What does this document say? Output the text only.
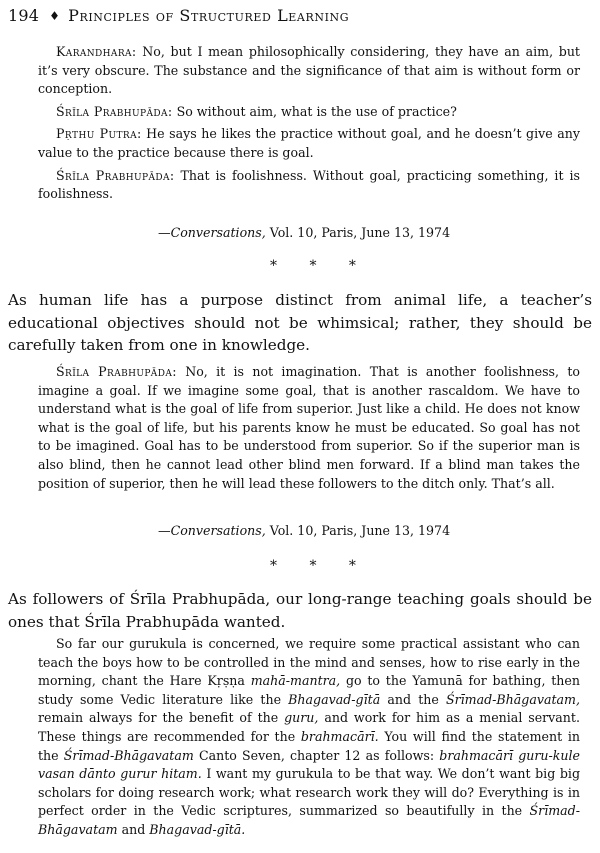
194 ♦ Principles of Structured Learning

Karandhara: No, but I mean philosophically considering, they have an aim, but it’s very obscure. The substance and the significance of that aim is without form or conception.

Śrīla Prabhupāda: So without aim, what is the use of practice?

Pṛthu Putra: He says he likes the practice without goal, and he doesn’t give any value to the practice because there is goal.

Śrīla Prabhupāda: That is foolishness. Without goal, practicing something, it is foolishness.

—Conversations, Vol. 10, Paris, June 13, 1974
* * *

As human life has a purpose distinct from animal life, a teacher’s educational objectives should not be whimsical; rather, they should be carefully taken from one in knowledge.

Śrīla Prabhupāda: No, it is not imagination. That is another foolishness, to imagine a goal. If we imagine some goal, that is another rascaldom. We have to understand what is the goal of life from superior. Just like a child. He does not know what is the goal of life, but his parents know he must be educated. So goal has not to be imagined. Goal has to be understood from superior. So if the superior man is also blind, then he cannot lead other blind men forward. If a blind man takes the position of superior, then he will lead these followers to the ditch only. That’s all.

—Conversations, Vol. 10, Paris, June 13, 1974
* * *

As followers of Śrīla Prabhupāda, our long-range teaching goals should be ones that Śrīla Prabhupāda wanted.

So far our gurukula is concerned, we require some practical assistant who can teach the boys how to be controlled in the mind and senses, how to rise early in the morning, chant the Hare Kṛṣṇa mahā-mantra, go to the Yamunā for bathing, then study some Vedic literature like the Bhagavad-gītā and the Śrīmad-Bhāgavatam, remain always for the benefit of the guru, and work for him as a menial servant. These things are recommended for the brahmacārī. You will find the statement in the Śrīmad-Bhāgavatam Canto Seven, chapter 12 as follows: brahmacārī guru-kule vasan dānto gurur hitam. I want my gurukula to be that way. We don’t want big big scholars for doing research work; what research work they will do? Everything is in perfect order in the Vedic scriptures, summarized so beautifully in the Śrīmad-Bhāgavatam and Bhagavad-gītā.
